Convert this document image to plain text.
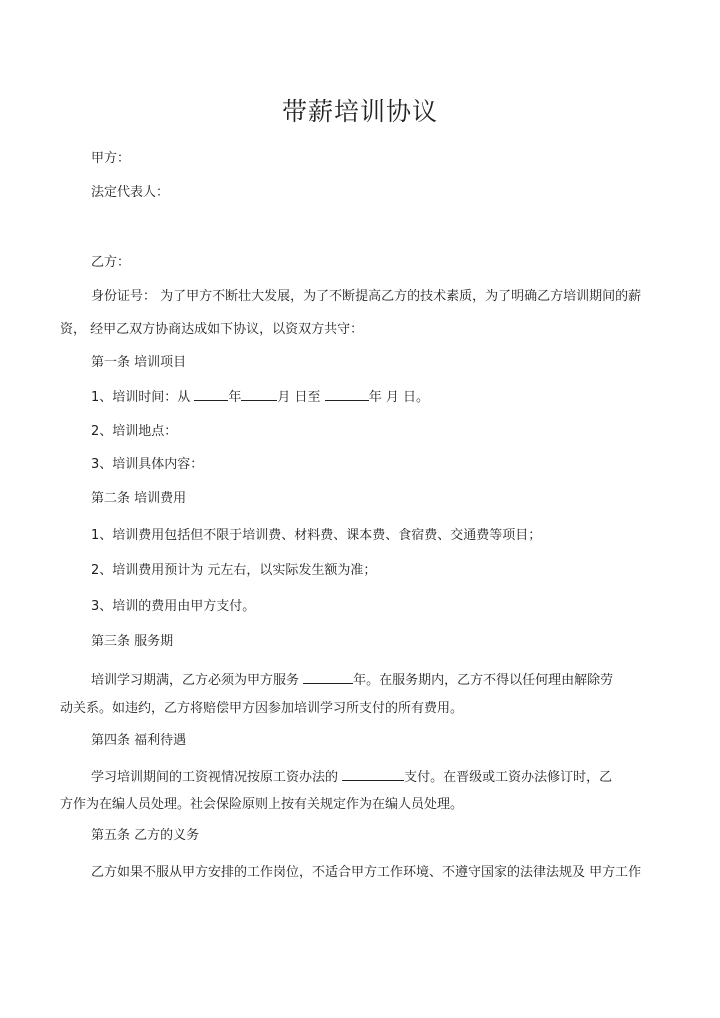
带薪培训协议
甲方：
法定代表人：
乙方：
身份证号： 为了甲方不断壮大发展，为了不断提高乙方的技术素质，为了明确乙方培训期间的薪
资， 经甲乙双方协商达成如下协议，以资双方共守：
第一条 培训项目
1、培训时间：从	年	月 日至	年 月 日。
2、培训地点：
3、培训具体内容：
第二条 培训费用
1、培训费用包括但不限于培训费、材料费、课本费、食宿费、交通费等项目；
2、培训费用预计为 元左右，以实际发生额为准；
3、培训的费用由甲方支付。
第三条 服务期
培训学习期满，乙方必须为甲方服务	年。在服务期内，乙方不得以任何理由解除劳
动关系。如违约，乙方将赔偿甲方因参加培训学习所支付的所有费用。
第四条 福利待遇
学习培训期间的工资视情况按原工资办法的	支付。在晋级或工资办法修订时，乙
方作为在编人员处理。社会保险原则上按有关规定作为在编人员处理。
第五条 乙方的义务
乙方如果不服从甲方安排的工作岗位，不适合甲方工作环境、不遵守国家的法律法规及 甲方工作
